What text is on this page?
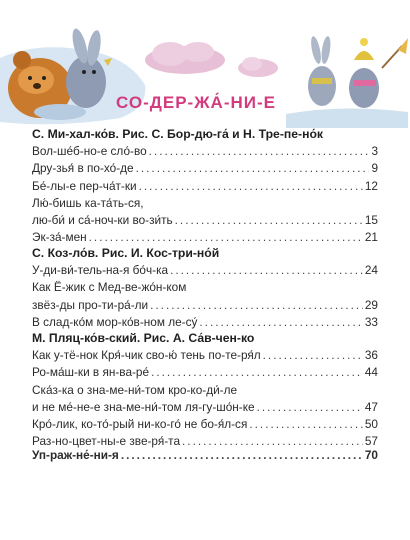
СО-ДЕР-ЖА́-НИ-Е
С. Ми-хал-ко́в. Рис. С. Бор-дю-га́ и Н. Тре-пе-но́к
Вол-ше́б-но-е сло́-во .....	3
Дру-зья́ в по-хо́-де .....	9
Бе́-лы-е пер-ча́т-ки .....	12
Лю́-бишь ка-та́ть-ся,
лю-би́ и са́-ноч-ки во-зи́ть .....	15
Эк-за́-мен .....	21
С. Коз-ло́в. Рис. И. Кос-три-но́й
У-ди-ви́-тель-на-я бо́ч-ка .....	24
Как Ё-жик с Мед-ве-жо́н-ком
звёз-ды про-ти-ра́-ли .....	29
В слад-ко́м мор-ко́в-ном ле-су́ .....	33
М. Пляц-ко́в-ский. Рис. А. Са́в-чен-ко
Как у-тё-нок Кря́-чик сво-ю́ тень по-те-ря́л .....	36
Ро-ма́ш-ки в ян-ва-ре́ .....	44
Ска́з-ка о зна-ме-ни́-том кро-ко-ди́-ле
и не ме́-не-е зна-ме-ни́-том ля-гу-шо́н-ке .....	47
Кро́-лик, ко-то́-рый ни-ко-го́ не бо-я́л-ся .....	50
Раз-но-цвет-ны-е зве-ря́-та .....	57
Уп-раж-не́-ни-я .....	70
